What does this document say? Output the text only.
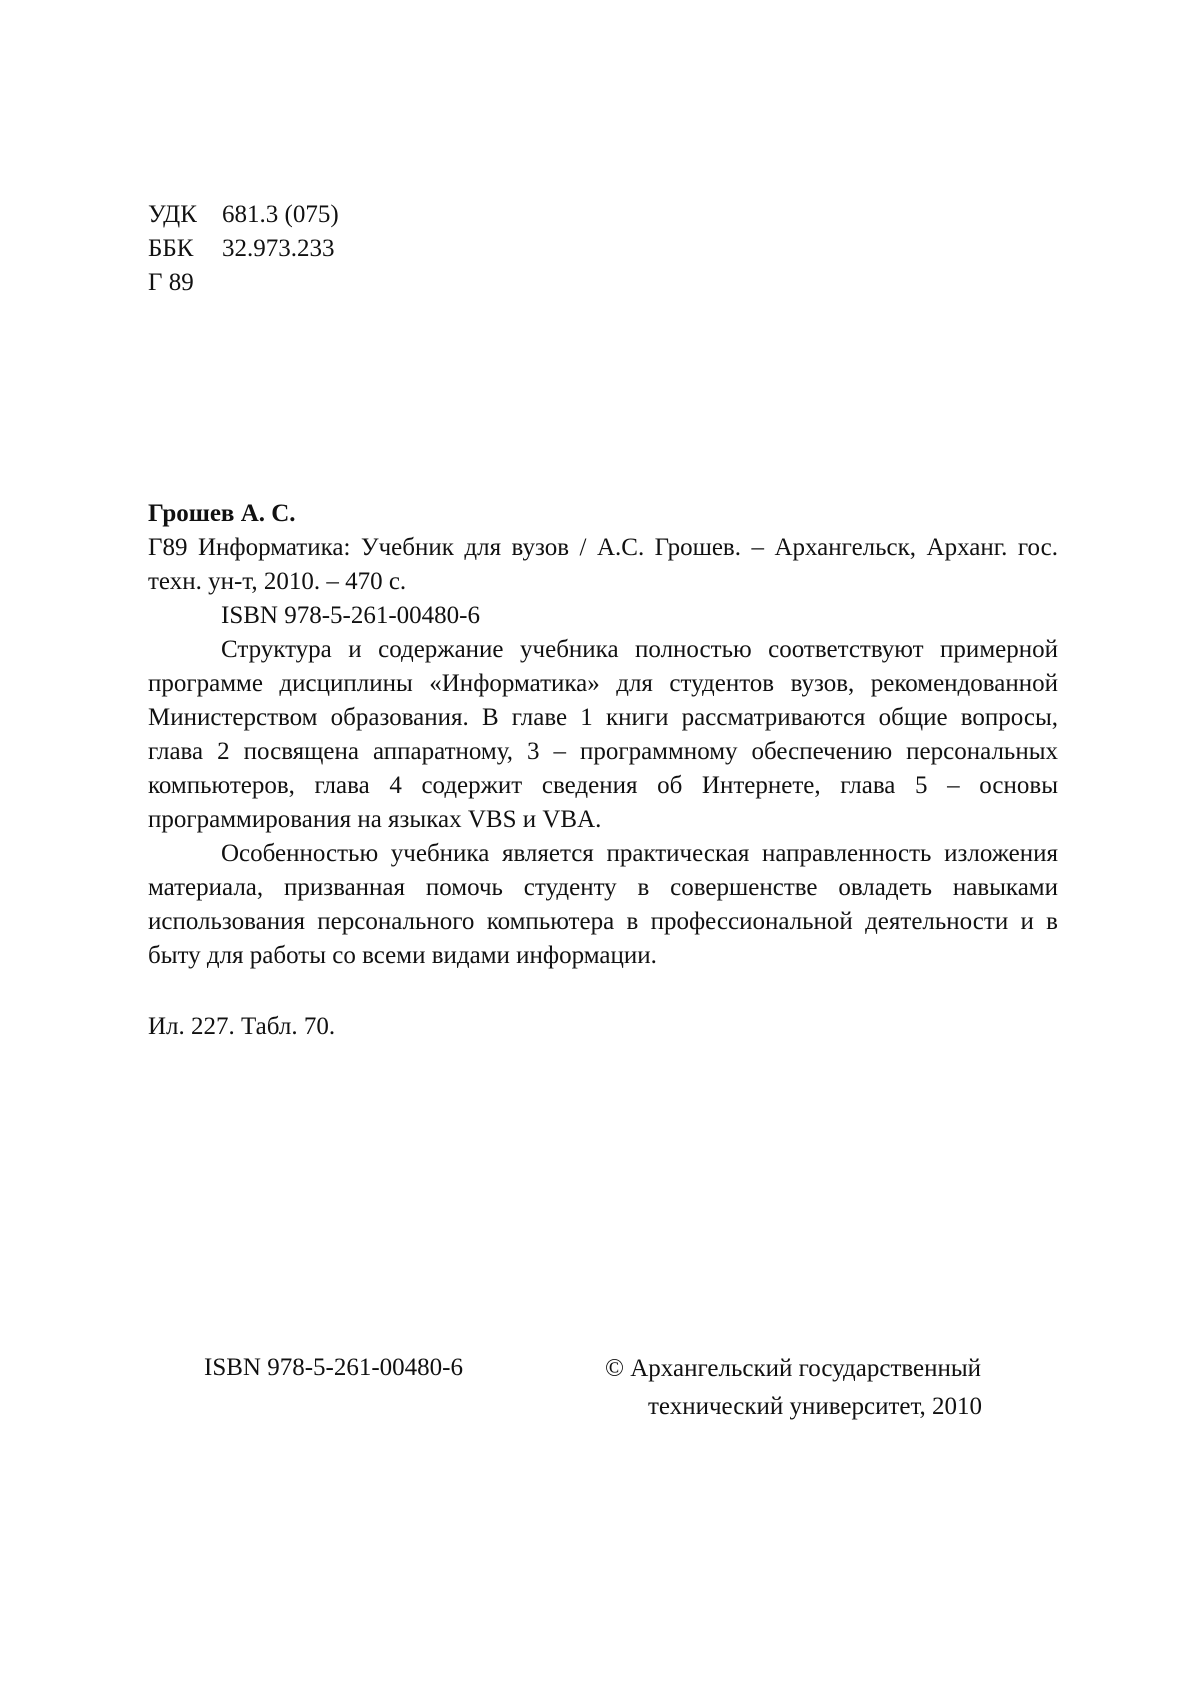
УДК 681.3 (075)
ББК 32.973.233
Г 89

Грошев А. С.

Г89 Информатика: Учебник для вузов / А.С. Грошев. – Архангельск, Арханг. гос. техн. ун-т, 2010. – 470 с.

ISBN 978-5-261-00480-6

Структура и содержание учебника полностью соответствуют примерной программе дисциплины «Информатика» для студентов вузов, рекомендованной Министерством образования. В главе 1 книги рассматриваются общие вопросы, глава 2 посвящена аппаратному, 3 – программному обеспечению персональных компьютеров, глава 4 содержит сведения об Интернете, глава 5 – основы программирования на языках VBS и VBA.

Особенностью учебника является практическая направленность изложения материала, призванная помочь студенту в совершенстве овладеть навыками использования персонального компьютера в профессиональной деятельности и в быту для работы со всеми видами информации.

Ил. 227. Табл. 70.
ISBN 978-5-261-00480-6	© Архангельский государственный
технический университет, 2010
